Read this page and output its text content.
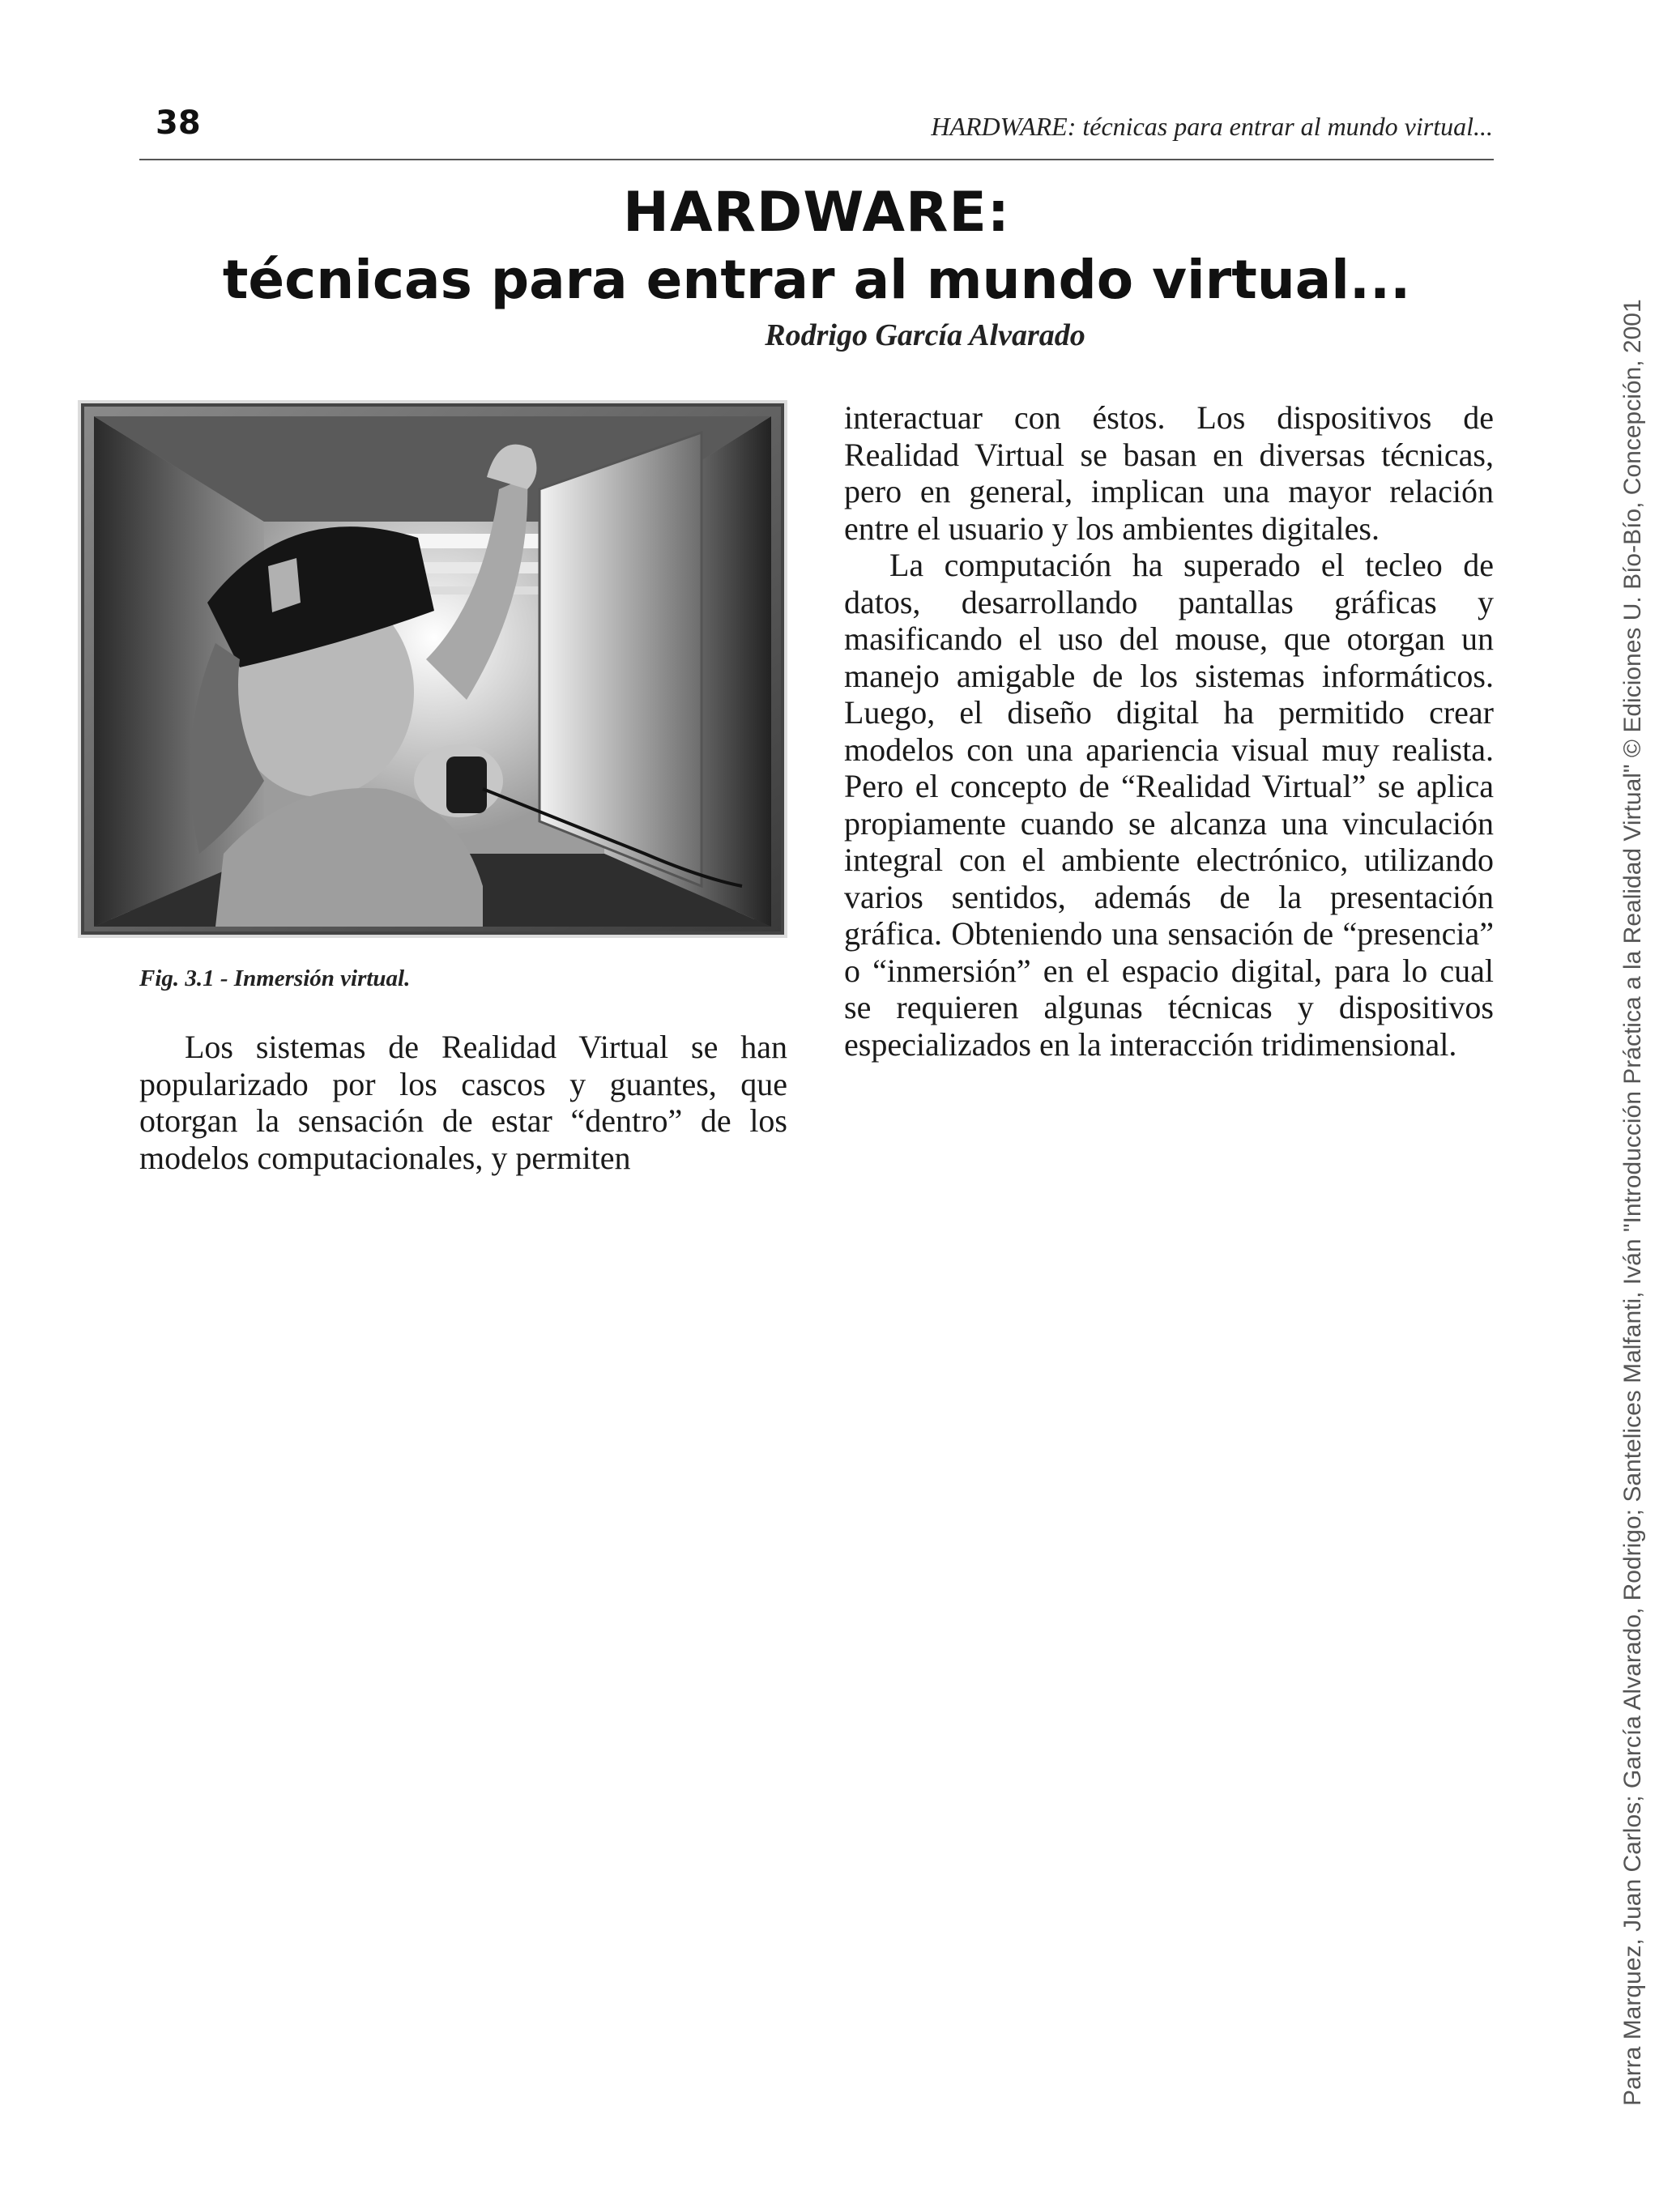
38	HARDWARE: técnicas para entrar al mundo virtual...
HARDWARE:
técnicas para entrar al mundo virtual...
Rodrigo García Alvarado
Fig. 3.1 - Inmersión virtual.

Los sistemas de Realidad Virtual se han popularizado por los cascos y guantes, que otorgan la sensación de estar “dentro” de los modelos computacionales, y permiten

interactuar con éstos. Los dispositivos de Realidad Virtual se basan en diversas técnicas, pero en general, implican una mayor relación entre el usuario y los ambientes digitales.

La computación ha superado el tecleo de datos, desarrollando pantallas gráficas y masificando el uso del mouse, que otorgan un manejo amigable de los sistemas informáticos. Luego, el diseño digital ha permitido crear modelos con una apariencia visual muy realista. Pero el concepto de “Realidad Virtual” se aplica propiamente cuando se alcanza una vinculación integral con el ambiente electrónico, utilizando varios sentidos, además de la presentación gráfica. Obteniendo una sensación de “presencia” o “inmersión” en el espacio digital, para lo cual se requieren algunas técnicas y dispositivos especializados en la interacción tridimensional.	Parra Marquez, Juan Carlos; García Alvarado, Rodrigo; Santelices Malfanti, Iván "Introducción Práctica a la Realidad Virtual" © Ediciones U. Bío-Bío, Concepción, 2001
